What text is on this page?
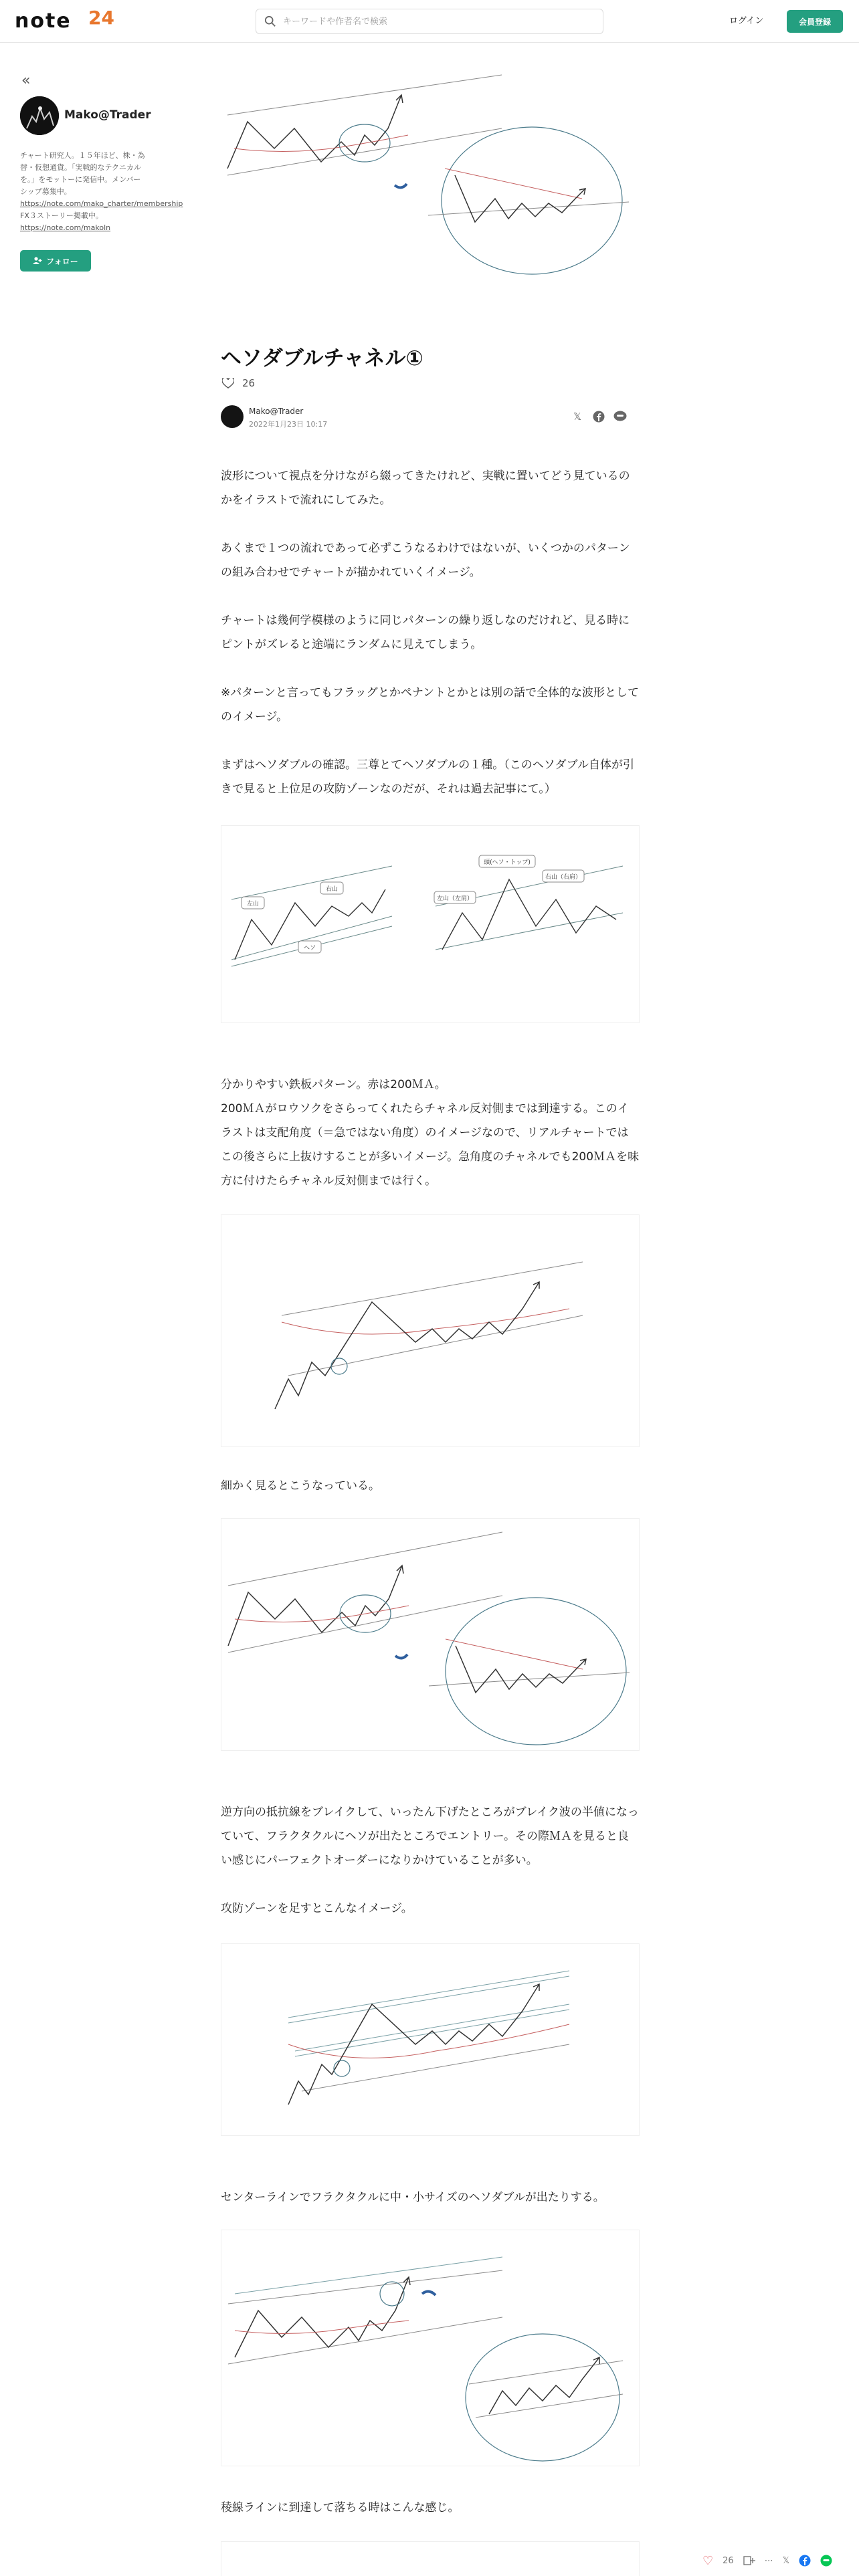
note 24
キーワードや作者名で検索	ログイン	会員登録
«
Mako@Trader
チャート研究人。１５年ほど、株・為替・仮想通貨。「実戦的なテクニカルを。」をモットーに発信中。メンバーシップ募集中。
https://note.com/mako_charter/membership FX３ストーリー掲載中。
https://note.com/makoln
フォロー
ヘソダブルチャネル①
26
Mako@Trader
2022年1月23日 10:17
𝕏
波形について視点を分けながら綴ってきたけれど、実戦に置いてどう見ているのかをイラストで流れにしてみた。
あくまで１つの流れであって必ずこうなるわけではないが、いくつかのパターンの組み合わせでチャートが描かれていくイメージ。
チャートは幾何学模様のように同じパターンの繰り返しなのだけれど、見る時にピントがズレると途端にランダムに見えてしまう。
※パターンと言ってもフラッグとかペナントとかとは別の話で全体的な波形としてのイメージ。
まずはヘソダブルの確認。三尊とてヘソダブルの１種。（このヘソダブル自体が引きで見ると上位足の攻防ゾーンなのだが、それは過去記事にて。）
左山
右山
ヘソ
頭(ヘソ・トップ)
左山（左肩）
右山（右肩）
分かりやすい鉄板パターン。赤は200ＭＡ。
200ＭＡがロウソクをさらってくれたらチャネル反対側までは到達する。このイラストは支配角度（＝急ではない角度）のイメージなので、リアルチャートではこの後さらに上抜けすることが多いイメージ。急角度のチャネルでも200ＭＡを味方に付けたらチャネル反対側までは行く。
細かく見るとこうなっている。
逆方向の抵抗線をブレイクして、いったん下げたところがブレイク波の半値になっていて、フラクタクルにヘソが出たところでエントリー。その際ＭＡを見ると良い感じにパーフェクトオーダーになりかけていることが多い。
攻防ゾーンを足すとこんなイメージ。
センターラインでフラクタクルに中・小サイズのヘソダブルが出たりする。
稜線ラインに到達して落ちる時はこんな感じ。
♡ 26	⋯ 𝕏
